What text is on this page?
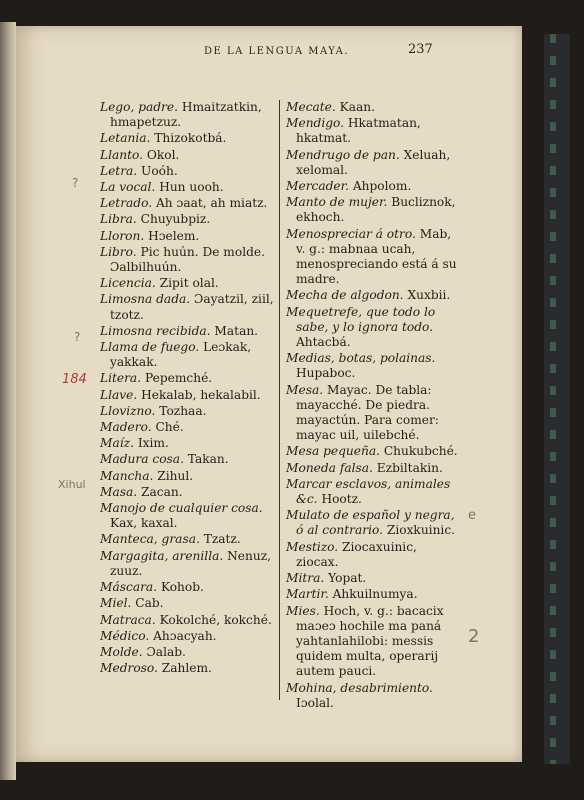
DE LA LENGUA MAYA.	237
Lego, padre. Hmaitzatkin, hmapetzuz.
Letania. Thizokotbá.
Llanto. Okol.
Letra. Uoóh.
La vocal. Hun uooh.
Letrado. Ah ɔaat, ah miatz.
Libra. Chuyubpiz.
Lloron. Hɔelem.
Libro. Pic huún. De molde. Ɔalbilhuún.
Licencia. Zipit olal.
Limosna dada. Ɔayatzil, ziil, tzotz.
Limosna recibida. Matan.
Llama de fuego. Leɔkak, yakkak.
Litera. Pepemché.
Llave. Hekalab, hekalabil.
Llovizno. Tozhaa.
Madero. Ché.
Maíz. Ixim.
Madura cosa. Takan.
Mancha. Zihul.
Masa. Zacan.
Manojo de cualquier cosa. Kax, kaxal.
Manteca, grasa. Tzatz.
Margagita, arenilla. Nenuz, zuuz.
Máscara. Kohob.
Miel. Cab.
Matraca. Kokolché, kokché.
Médico. Ahɔacyah.
Molde. Ɔalab.
Medroso. Zahlem.
Mecate. Kaan.
Mendigo. Hkatmatan, hkatmat.
Mendrugo de pan. Xeluah, xelomal.
Mercader. Ahpolom.
Manto de mujer. Bucliznok, ekhoch.
Menospreciar á otro. Mab, v. g.: mabnaa ucah, menospreciando está á su madre.
Mecha de algodon. Xuxbii.
Mequetrefe, que todo lo sabe, y lo ignora todo. Ahtacbá.
Medias, botas, polainas. Hupaboc.
Mesa. Mayac. De tabla: mayacché. De piedra. mayactún. Para comer: mayac uil, uilebché.
Mesa pequeña. Chukubché.
Moneda falsa. Ezbiltakin.
Marcar esclavos, animales &c. Hootz.
Mulato de español y negra, ó al contrario. Zioxkuinic.
Mestizo. Ziocaxuinic, ziocax.
Mitra. Yopat.
Martir. Ahkuilnumya.
Mies. Hoch, v. g.: bacacix maɔeɔ hochile ma paná yahtanlahilobi: messis quidem multa, operarij autem pauci.
Mohina, desabrimiento. Iɔolal.
184
Xihul
?
?
2
e
